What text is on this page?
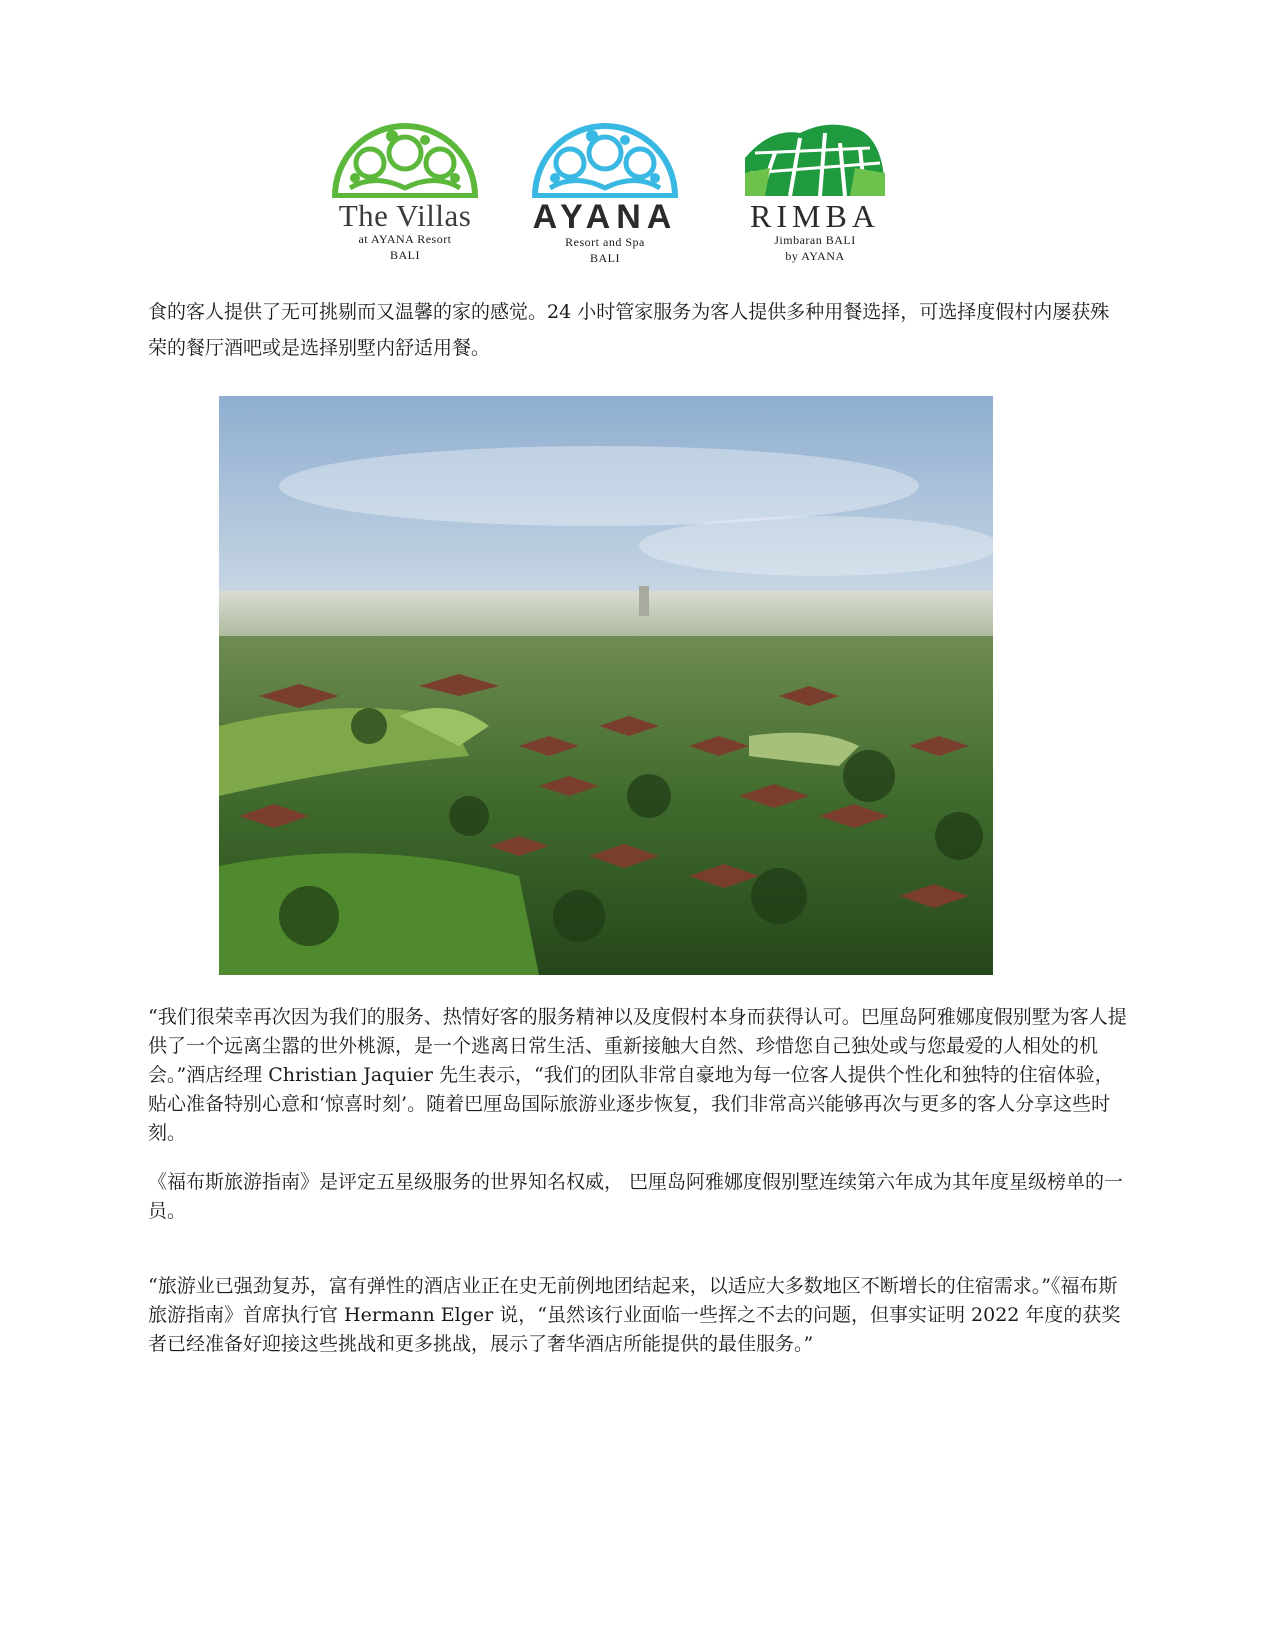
The Villas
at AYANA Resort
BALI
AYANA
Resort and Spa
BALI
RIMBA
Jimbaran BALI
by AYANA

食的客人提供了无可挑剔而又温馨的家的感觉。24 小时管家服务为客人提供多种用餐选择，可选择度假村内屡获殊荣的餐厅酒吧或是选择别墅内舒适用餐。

“我们很荣幸再次因为我们的服务、热情好客的服务精神以及度假村本身而获得认可。巴厘岛阿雅娜度假别墅为客人提供了一个远离尘嚣的世外桃源，是一个逃离日常生活、重新接触大自然、珍惜您自己独处或与您最爱的人相处的机会。”酒店经理 Christian Jaquier 先生表示，“我们的团队非常自豪地为每一位客人提供个性化和独特的住宿体验，贴心准备特别心意和‘惊喜时刻’。随着巴厘岛国际旅游业逐步恢复，我们非常高兴能够再次与更多的客人分享这些时刻。

《福布斯旅游指南》是评定五星级服务的世界知名权威， 巴厘岛阿雅娜度假别墅连续第六年成为其年度星级榜单的一员。

“旅游业已强劲复苏，富有弹性的酒店业正在史无前例地团结起来，以适应大多数地区不断增长的住宿需求。”《福布斯旅游指南》首席执行官 Hermann Elger 说，“虽然该行业面临一些挥之不去的问题，但事实证明 2022 年度的获奖者已经准备好迎接这些挑战和更多挑战，展示了奢华酒店所能提供的最佳服务。”
